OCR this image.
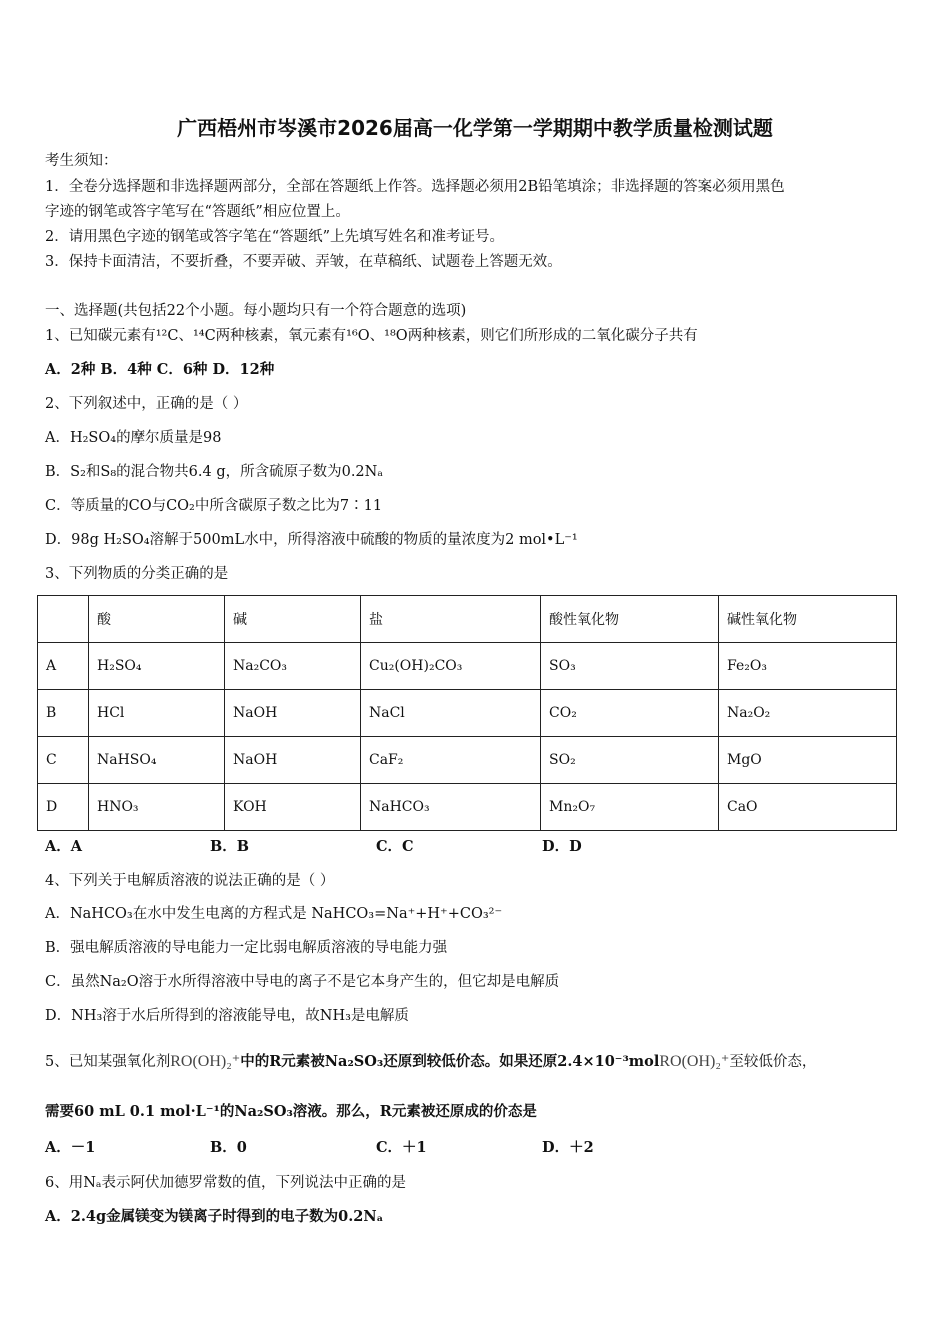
广西梧州市岑溪市2026届高一化学第一学期期中教学质量检测试题
考生须知：
1．全卷分选择题和非选择题两部分，全部在答题纸上作答。选择题必须用2B铅笔填涂；非选择题的答案必须用黑色
字迹的钢笔或答字笔写在“答题纸”相应位置上。
2．请用黑色字迹的钢笔或答字笔在“答题纸”上先填写姓名和准考证号。
3．保持卡面清洁，不要折叠，不要弄破、弄皱，在草稿纸、试题卷上答题无效。
一、选择题(共包括22个小题。每小题均只有一个符合题意的选项)
1、已知碳元素有¹²C、¹⁴C两种核素，氧元素有¹⁶O、¹⁸O两种核素，则它们所形成的二氧化碳分子共有
A．2种 B．4种 C．6种 D．12种
2、下列叙述中，正确的是（ ）
A．H₂SO₄的摩尔质量是98
B．S₂和S₈的混合物共6.4 g，所含硫原子数为0.2Nₐ
C．等质量的CO与CO₂中所含碳原子数之比为7∶11
D．98g H₂SO₄溶解于500mL水中，所得溶液中硫酸的物质的量浓度为2 mol•L⁻¹
3、下列物质的分类正确的是
	酸	碱	盐	酸性氧化物	碱性氧化物
A	H₂SO₄	Na₂CO₃	Cu₂(OH)₂CO₃	SO₃	Fe₂O₃
B	HCl	NaOH	NaCl	CO₂	Na₂O₂
C	NaHSO₄	NaOH	CaF₂	SO₂	MgO
D	HNO₃	KOH	NaHCO₃	Mn₂O₇	CaO
A．A	B．B	C．C	D．D
4、下列关于电解质溶液的说法正确的是（ ）
A．NaHCO₃在水中发生电离的方程式是 NaHCO₃=Na⁺+H⁺+CO₃²⁻
B．强电解质溶液的导电能力一定比弱电解质溶液的导电能力强
C．虽然Na₂O溶于水所得溶液中导电的离子不是它本身产生的，但它却是电解质
D．NH₃溶于水后所得到的溶液能导电，故NH₃是电解质
5、已知某强氧化剂RO(OH)₂⁺中的R元素被Na₂SO₃还原到较低价态。如果还原2.4×10⁻³molRO(OH)₂⁺至较低价态，
需要60 mL 0.1 mol·L⁻¹的Na₂SO₃溶液。那么，R元素被还原成的价态是
A．－1	B．0	C．＋1	D．＋2
6、用Nₐ表示阿伏加德罗常数的值，下列说法中正确的是
A．2.4g金属镁变为镁离子时得到的电子数为0.2Nₐ
